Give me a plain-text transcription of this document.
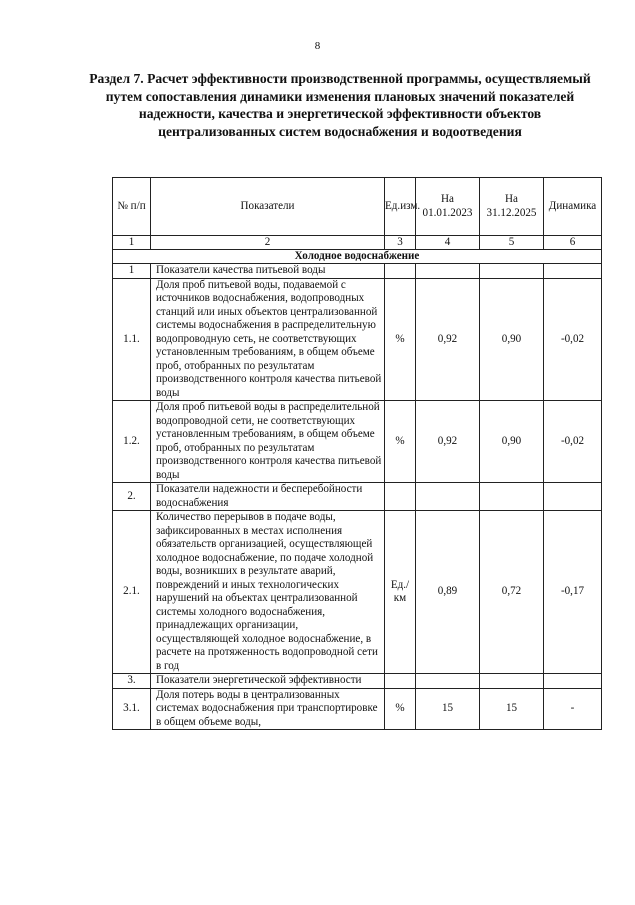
8
Раздел 7. Расчет эффективности производственной программы, осуществляемый путем сопоставления динамики изменения плановых значений показателей надежности, качества и энергетической эффективности объектов централизованных систем водоснабжения и водоотведения
№ п/п	Показатели	Ед.изм.	На 01.01.2023	На 31.12.2025	Динамика
1	2	3	4	5	6
Холодное водоснабжение					
1	Показатели качества питьевой воды				
1.1.	Доля проб питьевой воды, подаваемой с источников водоснабжения, водопроводных станций или иных объектов централизованной системы водоснабжения в распределительную водопроводную сеть, не соответствующих установленным требованиям, в общем объеме проб, отобранных по результатам производственного контроля качества питьевой воды	%	0,92	0,90	-0,02
1.2.	Доля проб питьевой воды в распределительной водопроводной сети, не соответствующих установленным требованиям, в общем объеме проб, отобранных по результатам производственного контроля качества питьевой воды	%	0,92	0,90	-0,02
2.	Показатели надежности и бесперебойности водоснабжения				
2.1.	Количество перерывов в подаче воды, зафиксированных в местах исполнения обязательств организацией, осуществляющей холодное водоснабжение, по подаче холодной воды, возникших в результате аварий, повреждений и иных технологических нарушений на объектах централизованной системы холодного водоснабжения, принадлежащих организации, осуществляющей холодное водоснабжение, в расчете на протяженность водопроводной сети в год	Ед./км	0,89	0,72	-0,17
3.	Показатели энергетической эффективности				
3.1.	Доля потерь воды в централизованных системах водоснабжения при транспортировке в общем объеме воды,	%	15	15	-
